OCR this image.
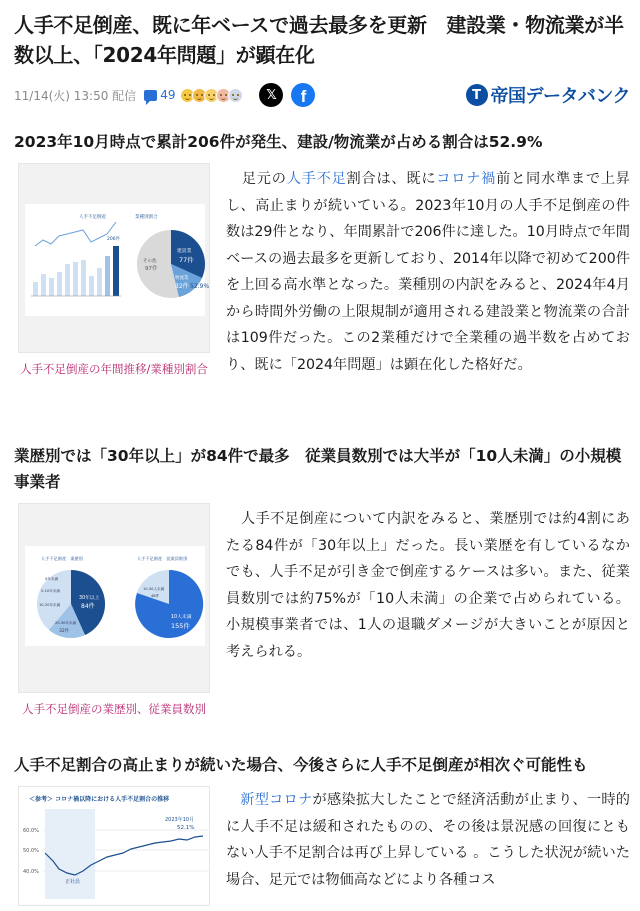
人手不足倒産、既に年ベースで過去最多を更新　建設業・物流業が半数以上、「2024年問題」が顕在化
11/14(火) 13:50 配信 49	𝕏	f	T 帝国データバンク
2023年10月時点で累計206件が発生、建設/物流業が占める割合は52.9%
人手不足倒産	業種別割合
206件
建設業
77件
物流業
32件
その他
97件
52.9%
人手不足倒産の年間推移/業種別割合
足元の人手不足割合は、既にコロナ禍前と同水準まで上昇し、高止まりが続いている。2023年10月の人手不足倒産の件数は29件となり、年間累計で206件に達した。10月時点で年間ベースの過去最多を更新しており、2014年以降で初めて200件を上回る高水準となった。業種別の内訳をみると、2024年4月から時間外労働の上限規制が適用される建設業と物流業の合計は109件だった。この2業種だけで全業種の過半数を占めており、既に「2024年問題」は顕在化した格好だ。
業歴別では「30年以上」が84件で最多　従業員数別では大半が「10人未満」の小規模事業者
人手不足倒産　業歴別	人手不足倒産　従業員数別
30年以上
84件
5年未満
5-10年未満
10-20年未満
20-30年未満
32件
10-50人未満
48件
10人未満
155件
人手不足倒産の業歴別、従業員数別
人手不足倒産について内訳をみると、業歴別では約4割にあたる84件が「30年以上」だった。長い業歴を有しているなかでも、人手不足が引き金で倒産するケースは多い。また、従業員数別では約75%が「10人未満」の企業で占められている。小規模事業者では、1人の退職ダメージが大きいことが原因と考えられる。
人手不足割合の高止まりが続いた場合、今後さらに人手不足倒産が相次ぐ可能性も
＜参考＞ コロナ禍以降における人手不足割合の推移
60.0%
50.0%
40.0%
2023年10月
52.1%
正社員
新型コロナが感染拡大したことで経済活動が止まり、一時的に人手不足は緩和されたものの、その後は景況感の回復にともない人手不足割合は再び上昇している 。こうした状況が続いた場合、足元では物価高などにより各種コス
